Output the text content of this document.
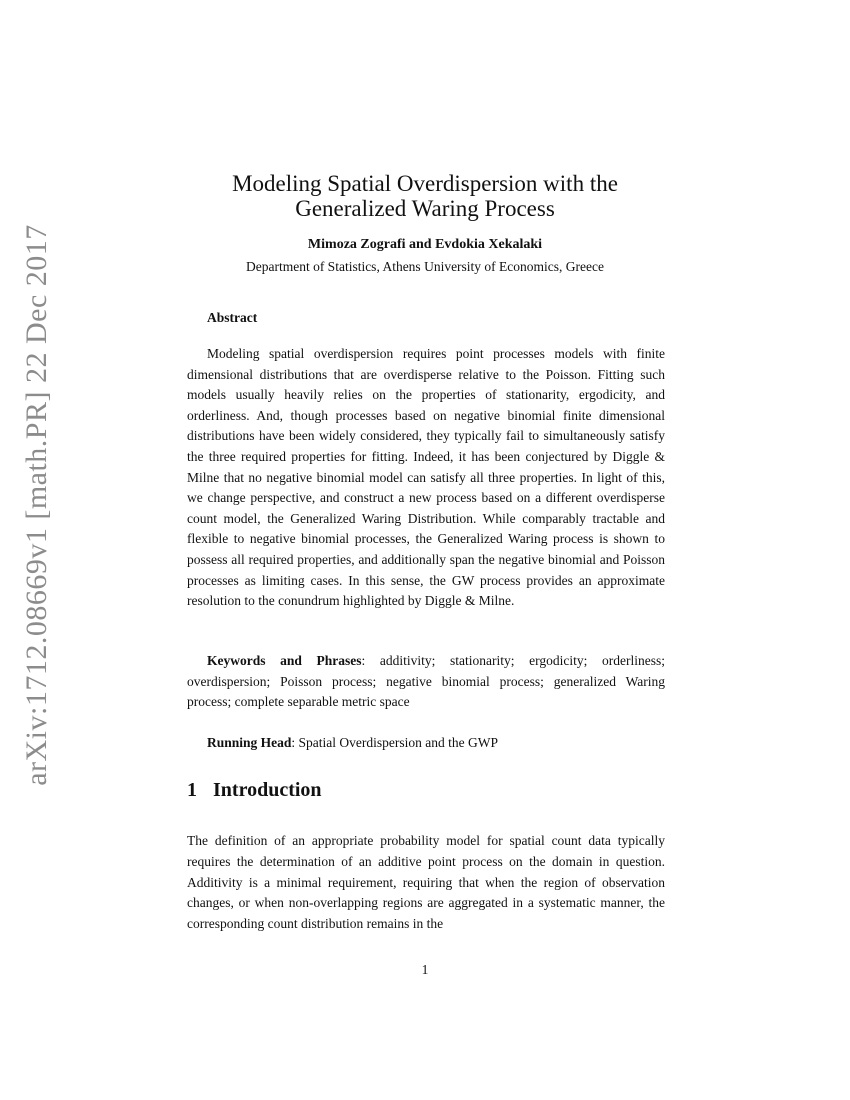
arXiv:1712.08669v1 [math.PR] 22 Dec 2017
Modeling Spatial Overdispersion with the
Generalized Waring Process
Mimoza Zografi and Evdokia Xekalaki
Department of Statistics, Athens University of Economics, Greece
Abstract

Modeling spatial overdispersion requires point processes models with finite dimensional distributions that are overdisperse relative to the Poisson. Fitting such models usually heavily relies on the properties of stationarity, ergodicity, and orderliness. And, though processes based on negative binomial finite dimensional distributions have been widely considered, they typically fail to simultaneously satisfy the three required properties for fitting. Indeed, it has been conjectured by Diggle & Milne that no negative binomial model can satisfy all three properties. In light of this, we change perspective, and construct a new process based on a different overdisperse count model, the Generalized Waring Distribution. While comparably tractable and flexible to negative binomial processes, the Generalized Waring process is shown to possess all required properties, and additionally span the negative binomial and Poisson processes as limiting cases. In this sense, the GW process provides an approximate resolution to the conundrum highlighted by Diggle & Milne.

Keywords and Phrases: additivity; stationarity; ergodicity; orderliness; overdispersion; Poisson process; negative binomial process; generalized Waring process; complete separable metric space

Running Head: Spatial Overdispersion and the GWP

1 Introduction

The definition of an appropriate probability model for spatial count data typically requires the determination of an additive point process on the domain in question. Additivity is a minimal requirement, requiring that when the region of observation changes, or when non-overlapping regions are aggregated in a systematic manner, the corresponding count distribution remains in the

1
